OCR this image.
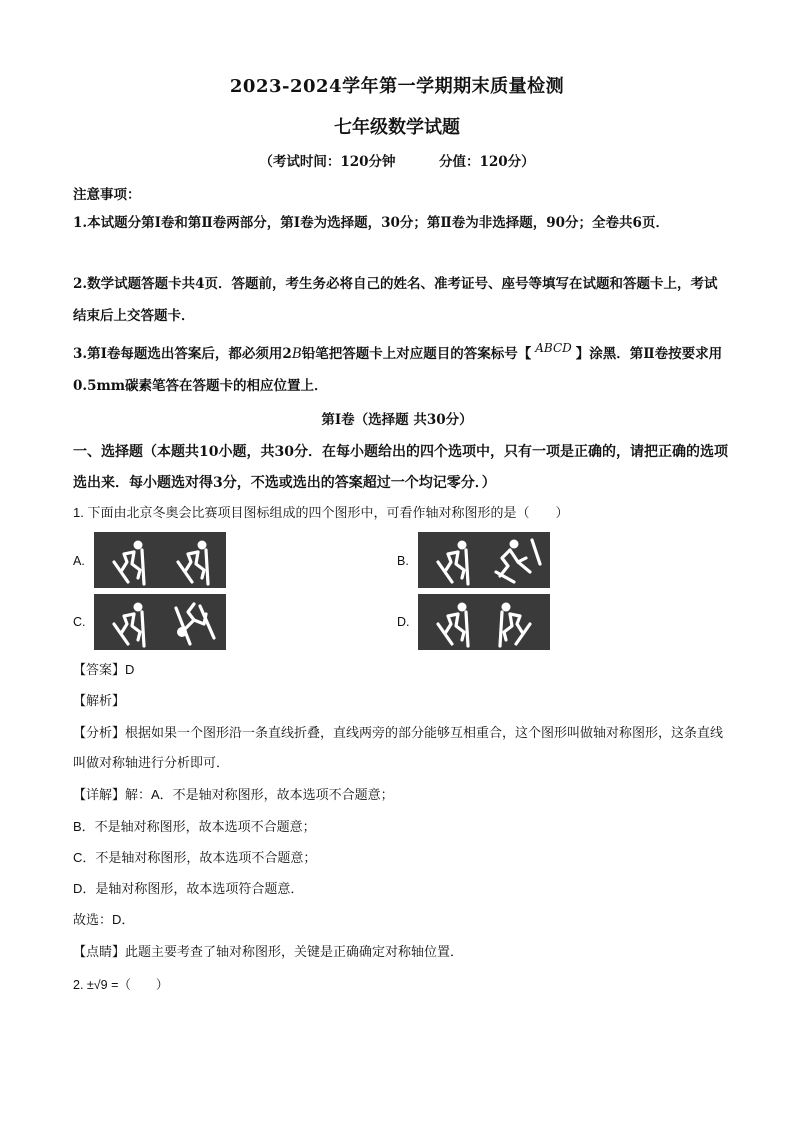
2023-2024学年第一学期期末质量检测
七年级数学试题
（考试时间：120分钟	分值：120分）
注意事项：
1.本试题分第Ⅰ卷和第Ⅱ卷两部分，第Ⅰ卷为选择题，30分；第Ⅱ卷为非选择题，90分；全卷共6页．
2.数学试题答题卡共4页．答题前，考生务必将自己的姓名、准考证号、座号等填写在试题和答题卡上，考试结束后上交答题卡．
3.第Ⅰ卷每题选出答案后，都必须用2B铅笔把答题卡上对应题目的答案标号【 ABCD 】涂黑．第Ⅱ卷按要求用0.5mm碳素笔答在答题卡的相应位置上．
第Ⅰ卷（选择题 共30分）
一、选择题（本题共10小题，共30分．在每小题给出的四个选项中，只有一项是正确的，请把正确的选项选出来．每小题选对得3分，不选或选出的答案超过一个均记零分．）
1. 下面由北京冬奥会比赛项目图标组成的四个图形中，可看作轴对称图形的是（　　）
A.	B.
C.	D.
【答案】D
【解析】
【分析】根据如果一个图形沿一条直线折叠，直线两旁的部分能够互相重合，这个图形叫做轴对称图形，这条直线叫做对称轴进行分析即可．
【详解】解：A．不是轴对称图形，故本选项不合题意；
B．不是轴对称图形，故本选项不合题意；
C．不是轴对称图形，故本选项不合题意；
D．是轴对称图形，故本选项符合题意．
故选：D．
【点睛】此题主要考查了轴对称图形，关键是正确确定对称轴位置．
2. ±√9 =（　　）
